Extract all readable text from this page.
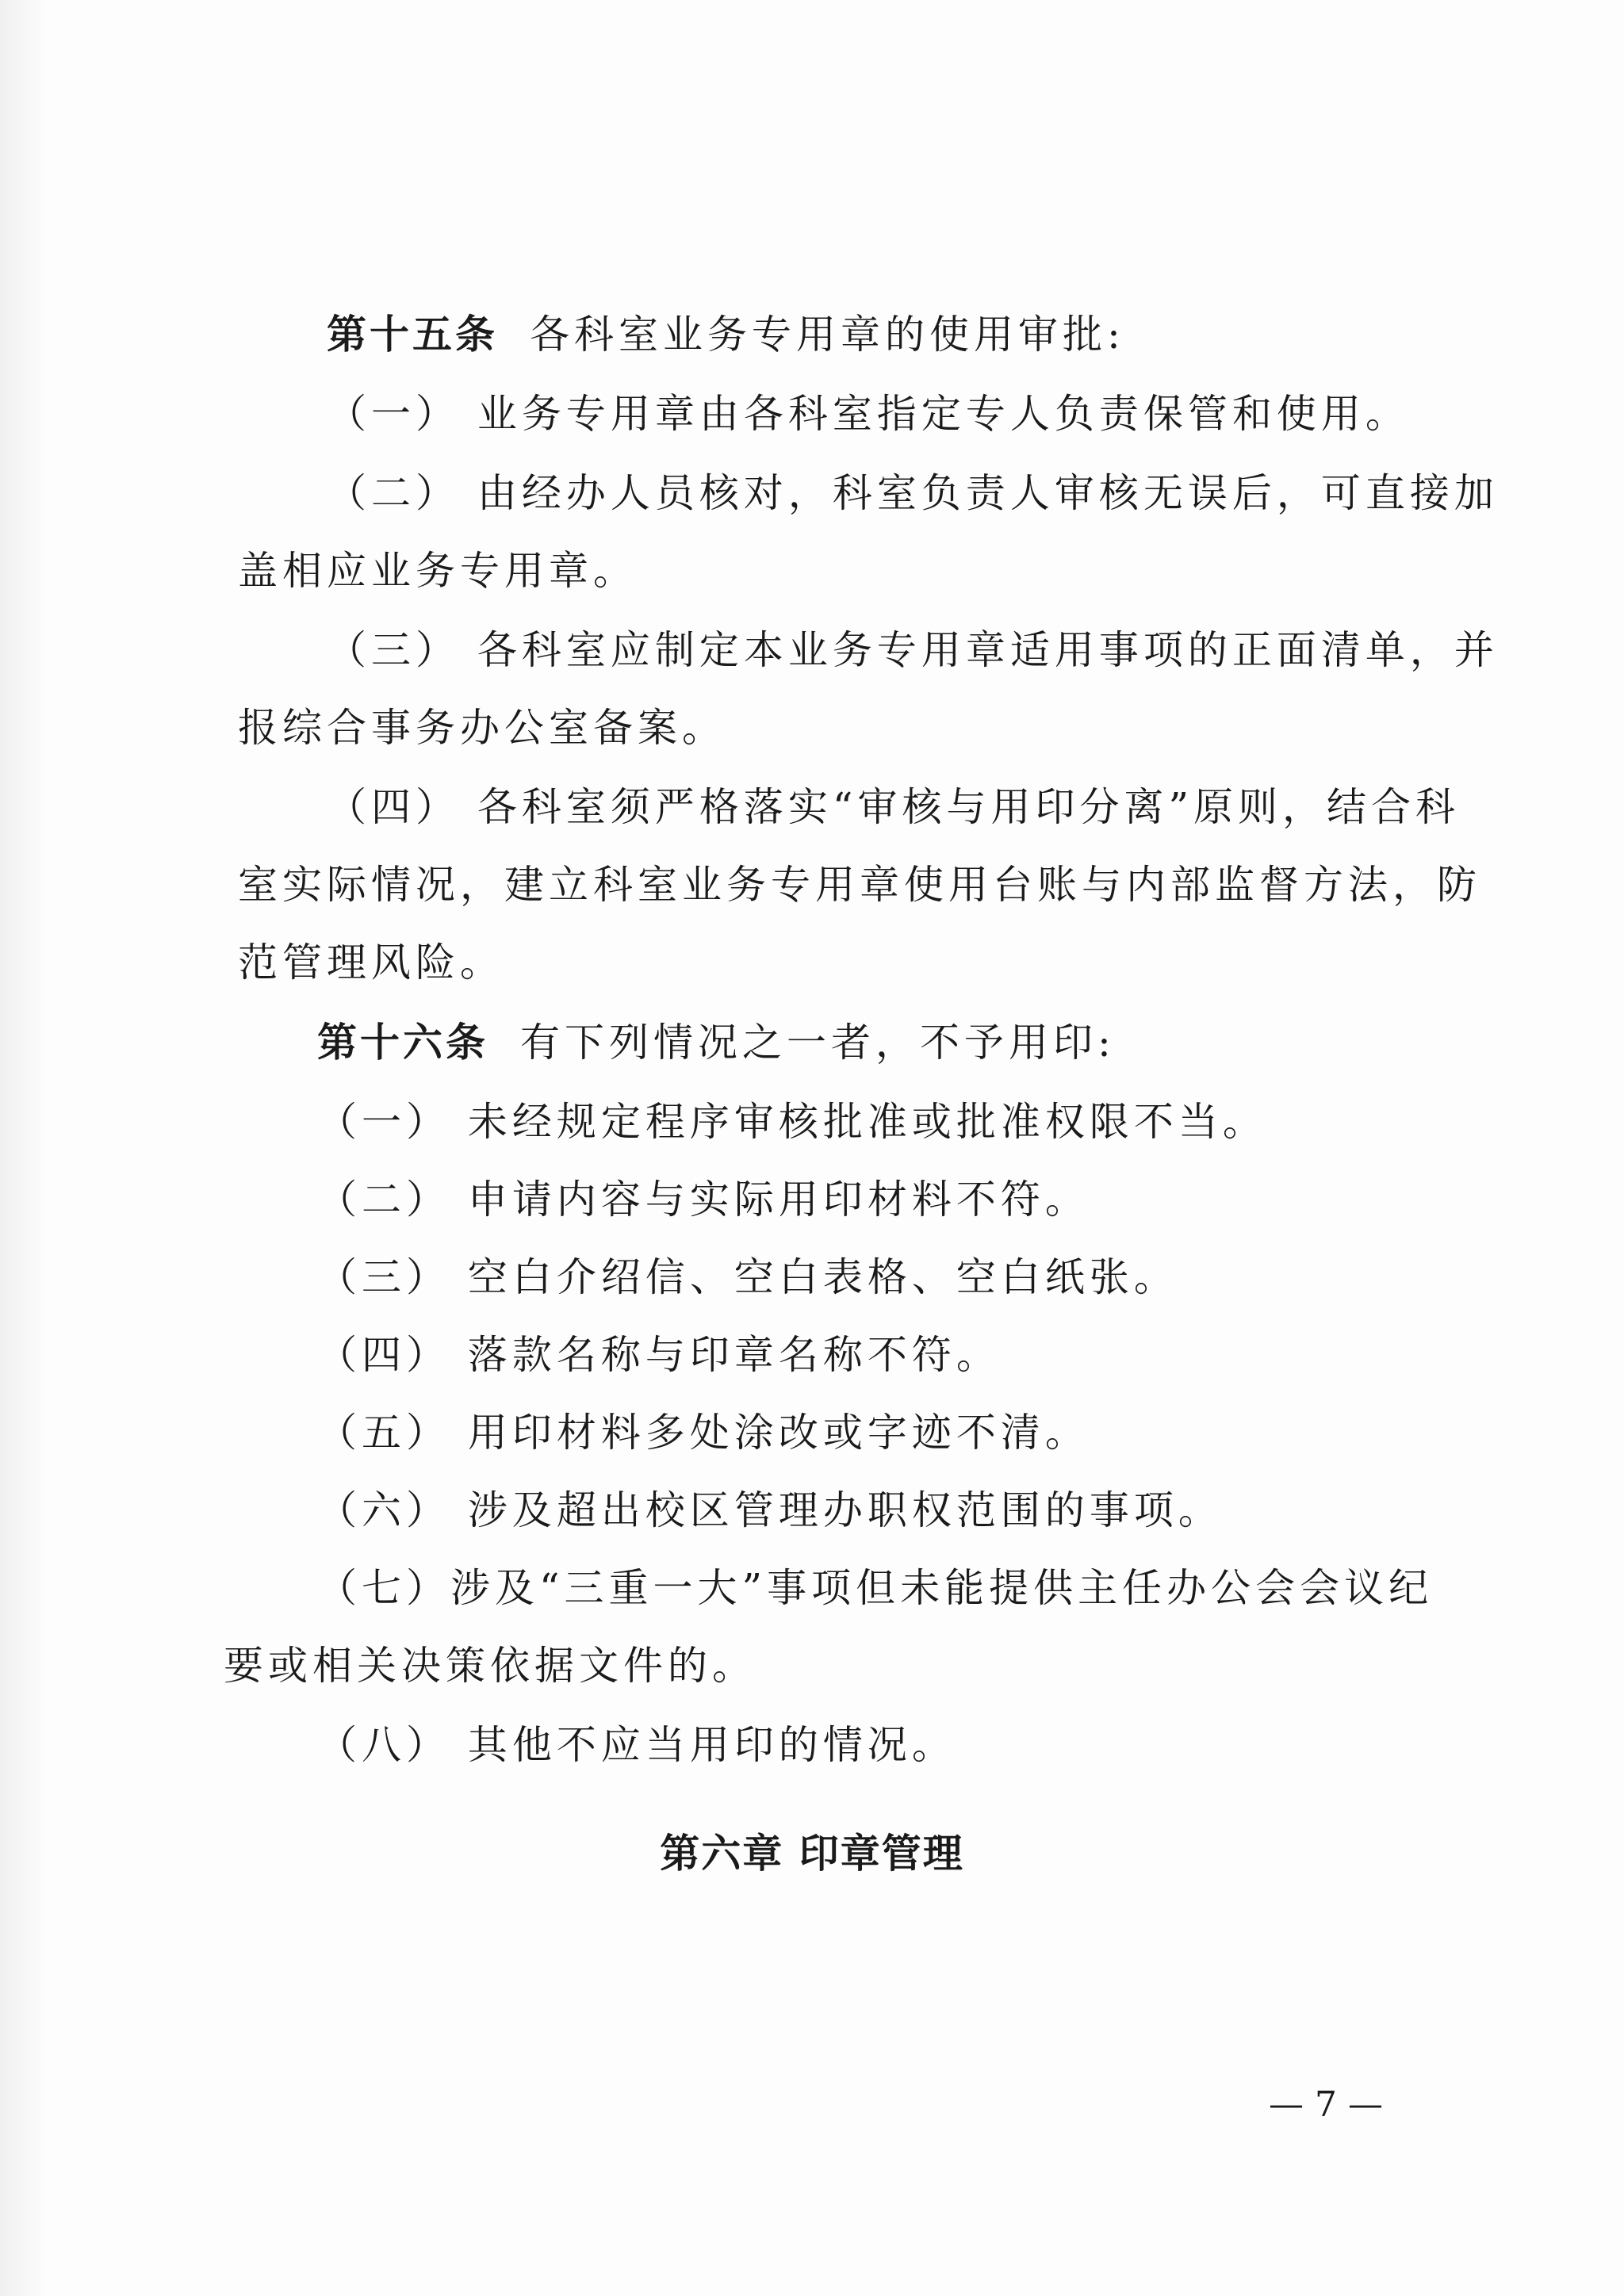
第十五条 各科室业务专用章的使用审批:
（一） 业务专用章由各科室指定专人负责保管和使用。
（二） 由经办人员核对，科室负责人审核无误后，可直接加
盖相应业务专用章。
（三） 各科室应制定本业务专用章适用事项的正面清单，并
报综合事务办公室备案。
（四） 各科室须严格落实“审核与用印分离”原则，结合科
室实际情况，建立科室业务专用章使用台账与内部监督方法，防
范管理风险。
第十六条 有下列情况之一者，不予用印:
（一） 未经规定程序审核批准或批准权限不当。
（二） 申请内容与实际用印材料不符。
（三） 空白介绍信、空白表格、空白纸张。
（四） 落款名称与印章名称不符。
（五） 用印材料多处涂改或字迹不清。
（六） 涉及超出校区管理办职权范围的事项。
（七）涉及“三重一大”事项但未能提供主任办公会会议纪
要或相关决策依据文件的。
（八） 其他不应当用印的情况。
第六章 印章管理
— 7 —
